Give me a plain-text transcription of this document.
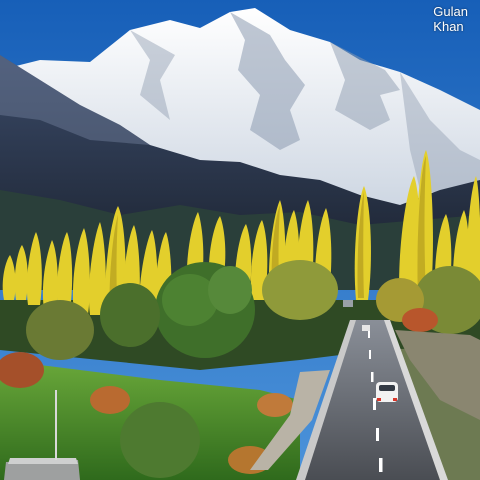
Gulan
Khan
